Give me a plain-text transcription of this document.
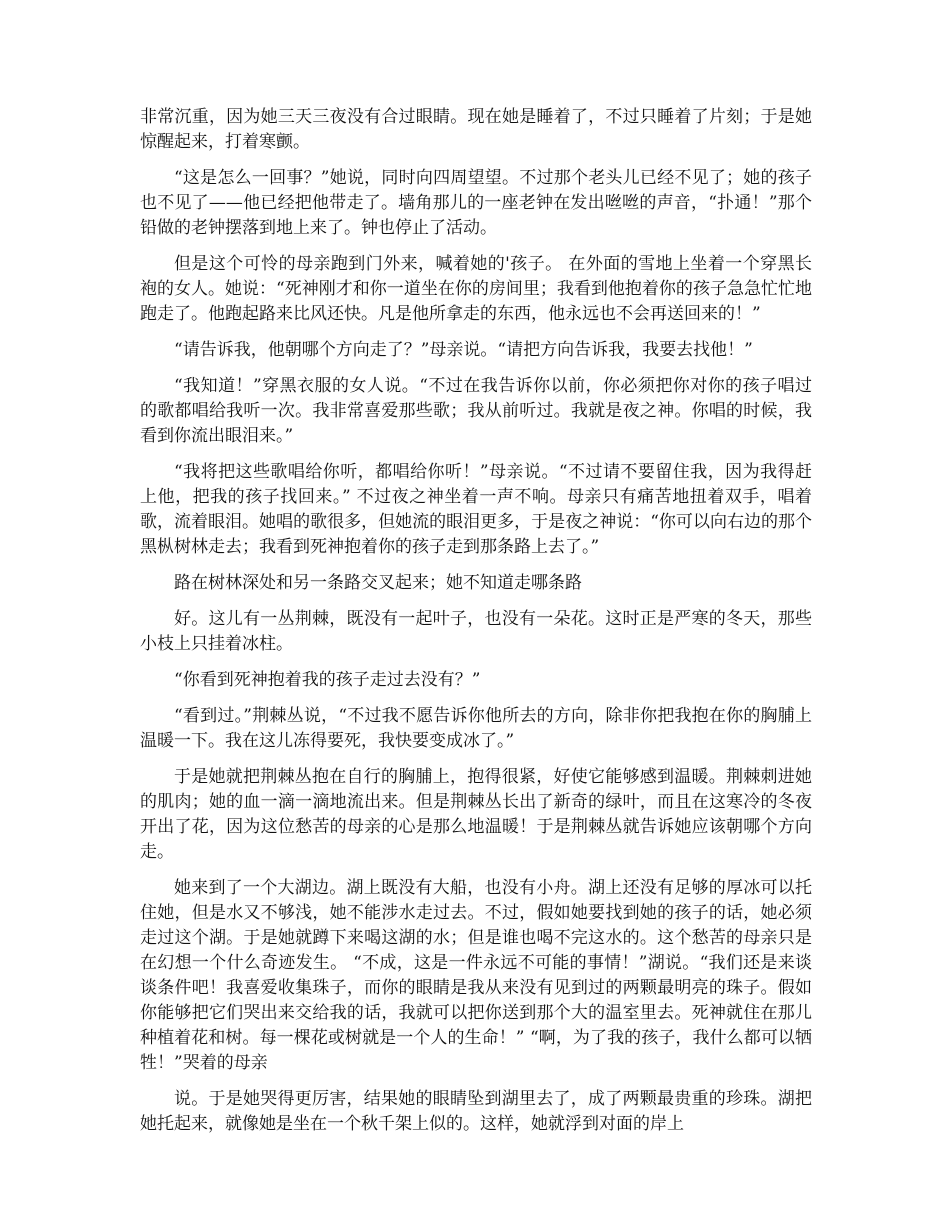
非常沉重，因为她三天三夜没有合过眼睛。现在她是睡着了，不过只睡着了片刻；于是她惊醒起来，打着寒颤。

“这是怎么一回事？”她说，同时向四周望望。不过那个老头儿已经不见了；她的孩子也不见了——他已经把他带走了。墙角那儿的一座老钟在发出咝咝的声音，“扑通！”那个铅做的老钟摆落到地上来了。钟也停止了活动。

但是这个可怜的母亲跑到门外来，喊着她的'孩子。 在外面的雪地上坐着一个穿黑长袍的女人。她说：“死神刚才和你一道坐在你的房间里；我看到他抱着你的孩子急急忙忙地跑走了。他跑起路来比风还快。凡是他所拿走的东西，他永远也不会再送回来的！”

“请告诉我，他朝哪个方向走了？”母亲说。“请把方向告诉我，我要去找他！”

“我知道！”穿黑衣服的女人说。“不过在我告诉你以前，你必须把你对你的孩子唱过的歌都唱给我听一次。我非常喜爱那些歌；我从前听过。我就是夜之神。你唱的时候，我看到你流出眼泪来。”

“我将把这些歌唱给你听，都唱给你听！”母亲说。“不过请不要留住我，因为我得赶上他，把我的孩子找回来。” 不过夜之神坐着一声不响。母亲只有痛苦地扭着双手，唱着歌，流着眼泪。她唱的歌很多，但她流的眼泪更多，于是夜之神说：“你可以向右边的那个黑枞树林走去；我看到死神抱着你的孩子走到那条路上去了。”

路在树林深处和另一条路交叉起来；她不知道走哪条路

好。这儿有一丛荆棘，既没有一起叶子，也没有一朵花。这时正是严寒的冬天，那些小枝上只挂着冰柱。

“你看到死神抱着我的孩子走过去没有？”

“看到过。”荆棘丛说，“不过我不愿告诉你他所去的方向，除非你把我抱在你的胸脯上温暖一下。我在这儿冻得要死，我快要变成冰了。”

于是她就把荆棘丛抱在自行的胸脯上，抱得很紧，好使它能够感到温暖。荆棘刺进她的肌肉；她的血一滴一滴地流出来。但是荆棘丛长出了新奇的绿叶，而且在这寒冷的冬夜开出了花，因为这位愁苦的母亲的心是那么地温暖！于是荆棘丛就告诉她应该朝哪个方向走。

她来到了一个大湖边。湖上既没有大船，也没有小舟。湖上还没有足够的厚冰可以托住她，但是水又不够浅，她不能涉水走过去。不过，假如她要找到她的孩子的话，她必须走过这个湖。于是她就蹲下来喝这湖的水；但是谁也喝不完这水的。这个愁苦的母亲只是在幻想一个什么奇迹发生。 “不成，这是一件永远不可能的事情！”湖说。“我们还是来谈谈条件吧！我喜爱收集珠子，而你的眼睛是我从来没有见到过的两颗最明亮的珠子。假如你能够把它们哭出来交给我的话，我就可以把你送到那个大的温室里去。死神就住在那儿种植着花和树。每一棵花或树就是一个人的生命！” “啊，为了我的孩子，我什么都可以牺牲！”哭着的母亲

说。于是她哭得更厉害，结果她的眼睛坠到湖里去了，成了两颗最贵重的珍珠。湖把她托起来，就像她是坐在一个秋千架上似的。这样，她就浮到对面的岸上
